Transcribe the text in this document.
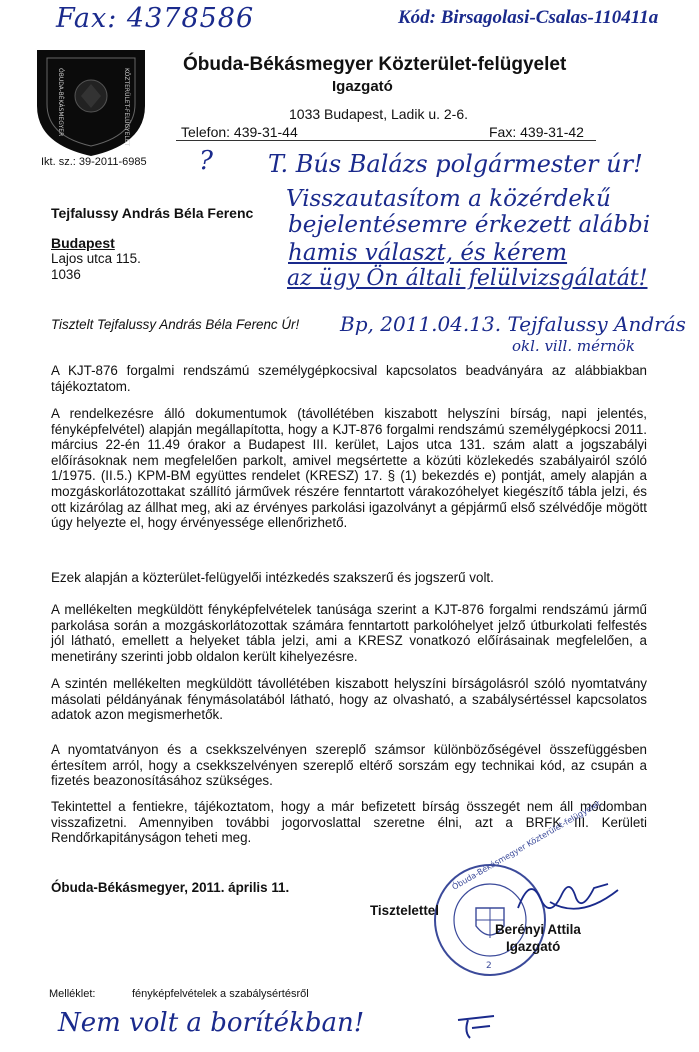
Fax: 4378586	Kód: Birsagolasi-Csalas-110411a
ÓBUDA-BÉKÁSMEGYER	KÖZTERÜLET-FELÜGYELET
Óbuda-Békásmegyer Közterület-felügyelet
Igazgató
1033 Budapest, Ladik u. 2-6.
Telefon: 439-31-44	Fax: 439-31-42
Ikt. sz.: 39-2011-6985 ? T. Bús Balázs polgármester úr!
Visszautasítom a közérdekű
bejelentésemre érkezett alábbi
hamis választ, és kérem
az ügy Ön általi felülvizsgálatát!
Bp, 2011.04.13. Tejfalussy András
okl. vill. mérnök
Tejfalussy András Béla Ferenc
Budapest
Lajos utca 115.
1036
Tisztelt Tejfalussy András Béla Ferenc Úr!

A KJT-876 forgalmi rendszámú személygépkocsival kapcsolatos beadványára az alábbiakban tájékoztatom.

A rendelkezésre álló dokumentumok (távollétében kiszabott helyszíni bírság, napi jelentés, fényképfelvétel) alapján megállapította, hogy a KJT-876 forgalmi rendszámú személygépkocsi 2011. március 22-én 11.49 órakor a Budapest III. kerület, Lajos utca 131. szám alatt a jogszabályi előírásoknak nem megfelelően parkolt, amivel megsértette a közúti közlekedés szabályairól szóló 1/1975. (II.5.) KPM-BM együttes rendelet (KRESZ) 17. § (1) bekezdés e) pontját, amely alapján a mozgáskorlátozottakat szállító járművek részére fenntartott várakozóhelyet kiegészítő tábla jelzi, és ott kizárólag az állhat meg, aki az érvényes parkolási igazolványt a gépjármű első szélvédője mögött úgy helyezte el, hogy érvényessége ellenőrizhető.

Ezek alapján a közterület-felügyelői intézkedés szakszerű és jogszerű volt.

A mellékelten megküldött fényképfelvételek tanúsága szerint a KJT-876 forgalmi rendszámú jármű parkolása során a mozgáskorlátozottak számára fenntartott parkolóhelyet jelző útburkolati felfestés jól látható, emellett a helyeket tábla jelzi, ami a KRESZ vonatkozó előírásainak megfelelően, a menetirány szerinti jobb oldalon került kihelyezésre.

A szintén mellékelten megküldött távollétében kiszabott helyszíni bírságolásról szóló nyomtatvány másolati példányának fénymásolatából látható, hogy az olvasható, a szabálysértéssel kapcsolatos adatok azon megismerhetők.

A nyomtatványon és a csekkszelvényen szereplő számsor különbözőségével összefüggésben értesítem arról, hogy a csekkszelvényen szereplő eltérő sorszám egy technikai kód, az csupán a fizetés beazonosításához szükséges.

Tekintettel a fentiekre, tájékoztatom, hogy a már befizetett bírság összegét nem áll módomban visszafizetni. Amennyiben további jogorvoslattal szeretne élni, azt a BRFK III. Kerületi Rendőrkapitányságon teheti meg.

Óbuda-Békásmegyer, 2011. április 11.	Óbuda-Békásmegyer Közterület-felügyelet
2
Tisztelettel
Berényi Attila
Igazgató
Melléklet:	fényképfelvételek a szabálysértésről
Nem volt a borítékban!
